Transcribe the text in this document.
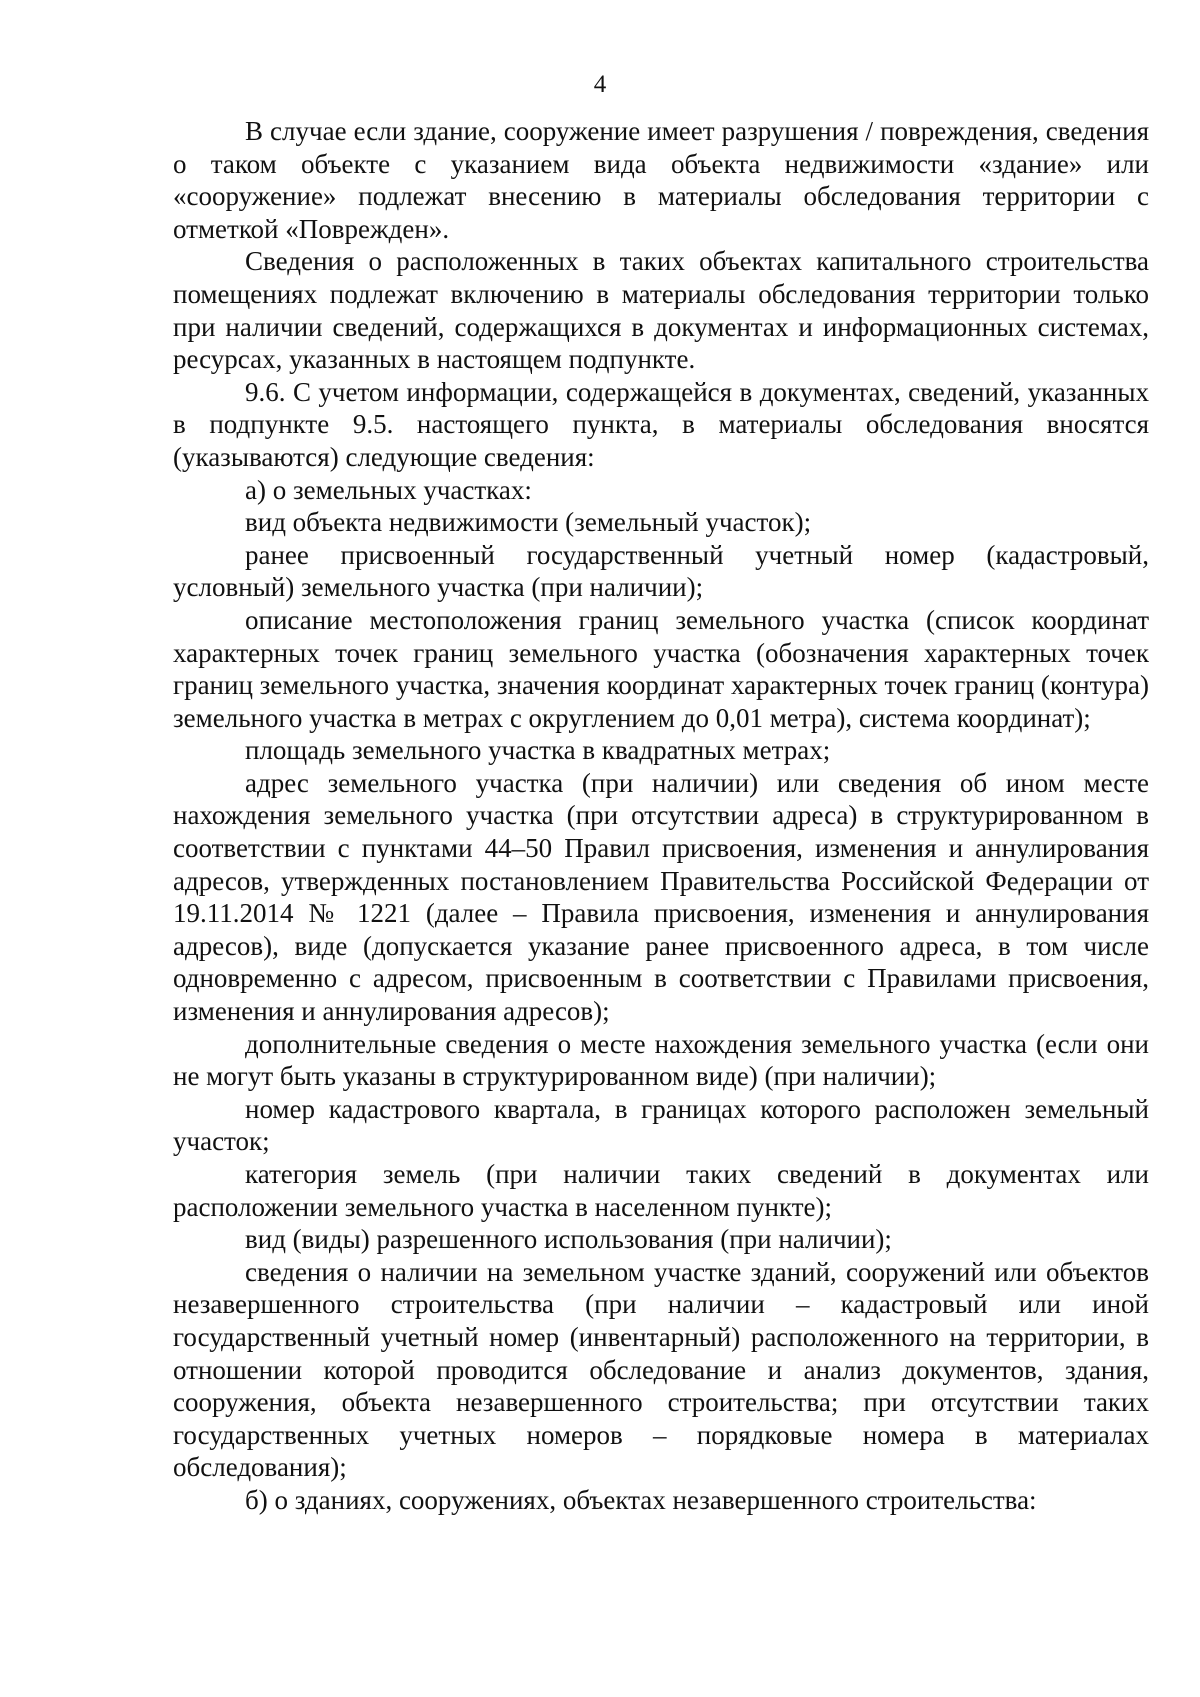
4

В случае если здание, сооружение имеет разрушения / повреждения, сведения о таком объекте с указанием вида объекта недвижимости «здание» или «сооружение» подлежат внесению в материалы обследования территории с отметкой «Поврежден».

Сведения о расположенных в таких объектах капитального строительства помещениях подлежат включению в материалы обследования территории только при наличии сведений, содержащихся в документах и информационных системах, ресурсах, указанных в настоящем подпункте.

9.6. С учетом информации, содержащейся в документах, сведений, указанных в подпункте 9.5. настоящего пункта, в материалы обследования вносятся (указываются) следующие сведения:

а) о земельных участках:

вид объекта недвижимости (земельный участок);

ранее присвоенный государственный учетный номер (кадастровый, условный) земельного участка (при наличии);

описание местоположения границ земельного участка (список координат характерных точек границ земельного участка (обозначения характерных точек границ земельного участка, значения координат характерных точек границ (контура) земельного участка в метрах с округлением до 0,01 метра), система координат);

площадь земельного участка в квадратных метрах;

адрес земельного участка (при наличии) или сведения об ином месте нахождения земельного участка (при отсутствии адреса) в структурированном в соответствии с пунктами 44–50 Правил присвоения, изменения и аннулирования адресов, утвержденных постановлением Правительства Российской Федерации от 19.11.2014 № 1221 (далее – Правила присвоения, изменения и аннулирования адресов), виде (допускается указание ранее присвоенного адреса, в том числе одновременно с адресом, присвоенным в соответствии с Правилами присвоения, изменения и аннулирования адресов);

дополнительные сведения о месте нахождения земельного участка (если они не могут быть указаны в структурированном виде) (при наличии);

номер кадастрового квартала, в границах которого расположен земельный участок;

категория земель (при наличии таких сведений в документах или расположении земельного участка в населенном пункте);

вид (виды) разрешенного использования (при наличии);

сведения о наличии на земельном участке зданий, сооружений или объектов незавершенного строительства (при наличии – кадастровый или иной государственный учетный номер (инвентарный) расположенного на территории, в отношении которой проводится обследование и анализ документов, здания, сооружения, объекта незавершенного строительства; при отсутствии таких государственных учетных номеров – порядковые номера в материалах обследования);

б) о зданиях, сооружениях, объектах незавершенного строительства:
